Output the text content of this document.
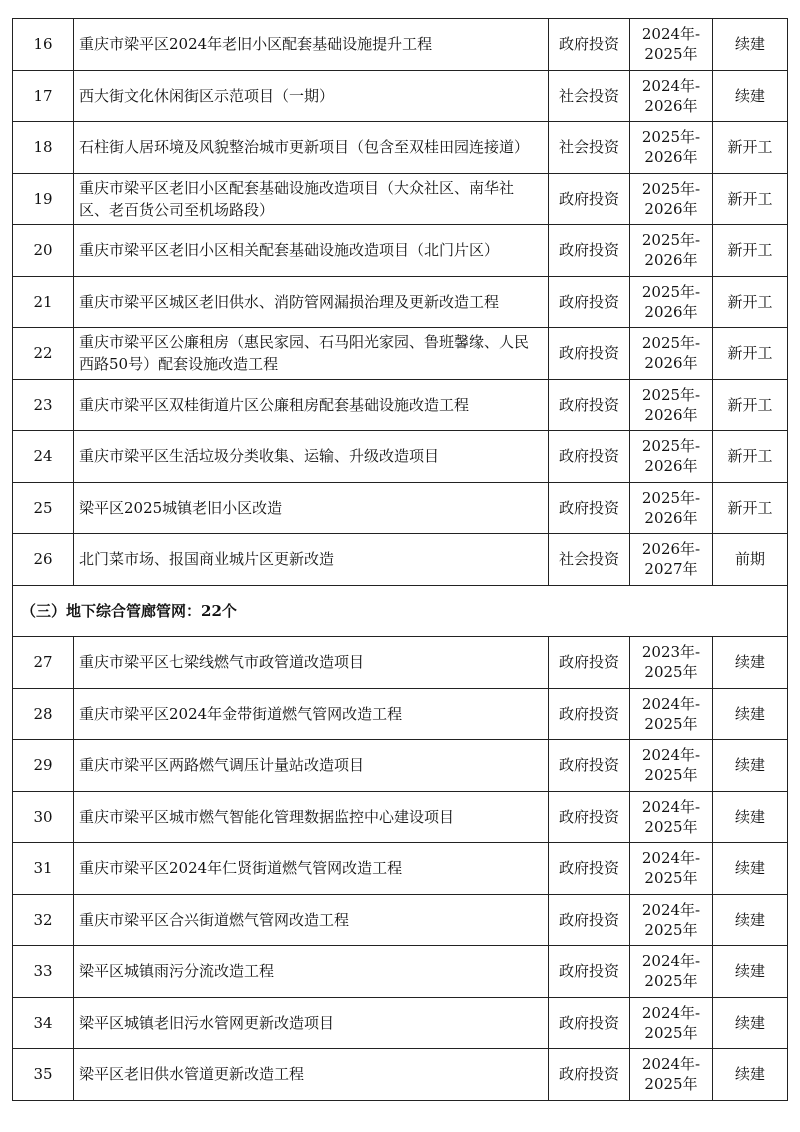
16	重庆市梁平区2024年老旧小区配套基础设施提升工程	政府投资	2024年-
2025年	续建
17	西大街文化休闲街区示范项目（一期）	社会投资	2024年-
2026年	续建
18	石柱街人居环境及风貌整治城市更新项目（包含至双桂田园连接道）	社会投资	2025年-
2026年	新开工
19	重庆市梁平区老旧小区配套基础设施改造项目（大众社区、南华社区、老百货公司至机场路段）	政府投资	2025年-
2026年	新开工
20	重庆市梁平区老旧小区相关配套基础设施改造项目（北门片区）	政府投资	2025年-
2026年	新开工
21	重庆市梁平区城区老旧供水、消防管网漏损治理及更新改造工程	政府投资	2025年-
2026年	新开工
22	重庆市梁平区公廉租房（惠民家园、石马阳光家园、鲁班馨缘、人民西路50号）配套设施改造工程	政府投资	2025年-
2026年	新开工
23	重庆市梁平区双桂街道片区公廉租房配套基础设施改造工程	政府投资	2025年-
2026年	新开工
24	重庆市梁平区生活垃圾分类收集、运输、升级改造项目	政府投资	2025年-
2026年	新开工
25	梁平区2025城镇老旧小区改造	政府投资	2025年-
2026年	新开工
26	北门菜市场、报国商业城片区更新改造	社会投资	2026年-
2027年	前期
（三）地下综合管廊管网：22个				
27	重庆市梁平区七梁线燃气市政管道改造项目	政府投资	2023年-
2025年	续建
28	重庆市梁平区2024年金带街道燃气管网改造工程	政府投资	2024年-
2025年	续建
29	重庆市梁平区两路燃气调压计量站改造项目	政府投资	2024年-
2025年	续建
30	重庆市梁平区城市燃气智能化管理数据监控中心建设项目	政府投资	2024年-
2025年	续建
31	重庆市梁平区2024年仁贤街道燃气管网改造工程	政府投资	2024年-
2025年	续建
32	重庆市梁平区合兴街道燃气管网改造工程	政府投资	2024年-
2025年	续建
33	梁平区城镇雨污分流改造工程	政府投资	2024年-
2025年	续建
34	梁平区城镇老旧污水管网更新改造项目	政府投资	2024年-
2025年	续建
35	梁平区老旧供水管道更新改造工程	政府投资	2024年-
2025年	续建
